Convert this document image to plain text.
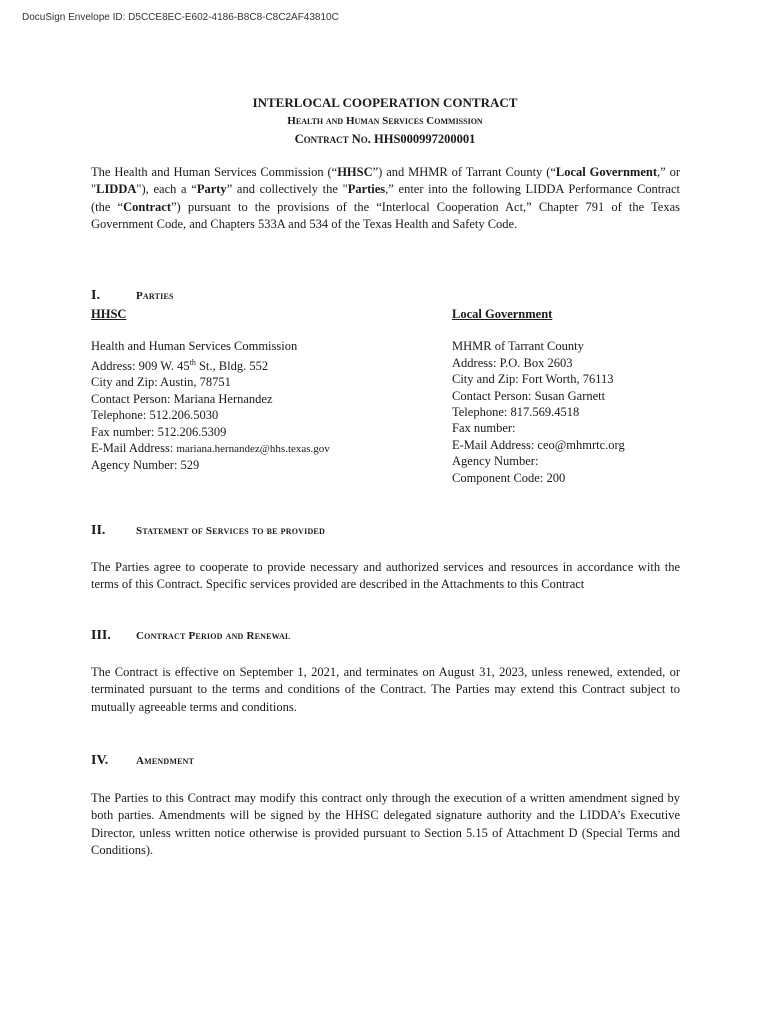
DocuSign Envelope ID: D5CCE8EC-E602-4186-B8C8-C8C2AF43810C
INTERLOCAL COOPERATION CONTRACT
Health and Human Services Commission
Contract No. HHS000997200001
The Health and Human Services Commission (“HHSC”) and MHMR of Tarrant County (“Local Government,” or "LIDDA"), each a “Party” and collectively the "Parties,” enter into the following LIDDA Performance Contract (the “Contract”) pursuant to the provisions of the “Interlocal Cooperation Act,” Chapter 791 of the Texas Government Code, and Chapters 533A and 534 of the Texas Health and Safety Code.
I.	Parties
HHSC
Health and Human Services Commission
Address: 909 W. 45th St., Bldg. 552
City and Zip: Austin, 78751
Contact Person: Mariana Hernandez
Telephone: 512.206.5030
Fax number: 512.206.5309
E-Mail Address: mariana.hernandez@hhs.texas.gov
Agency Number: 529
Local Government
MHMR of Tarrant County
Address: P.O. Box 2603
City and Zip: Fort Worth, 76113
Contact Person: Susan Garnett
Telephone: 817.569.4518
Fax number:
E-Mail Address: ceo@mhmrtc.org
Agency Number:
Component Code: 200
II.	Statement of Services to be provided
The Parties agree to cooperate to provide necessary and authorized services and resources in accordance with the terms of this Contract. Specific services provided are described in the Attachments to this Contract
III. Contract Period and Renewal
The Contract is effective on September 1, 2021, and terminates on August 31, 2023, unless renewed, extended, or terminated pursuant to the terms and conditions of the Contract. The Parties may extend this Contract subject to mutually agreeable terms and conditions.
IV.	Amendment
The Parties to this Contract may modify this contract only through the execution of a written amendment signed by both parties. Amendments will be signed by the HHSC delegated signature authority and the LIDDA’s Executive Director, unless written notice otherwise is provided pursuant to Section 5.15 of Attachment D (Special Terms and Conditions).
